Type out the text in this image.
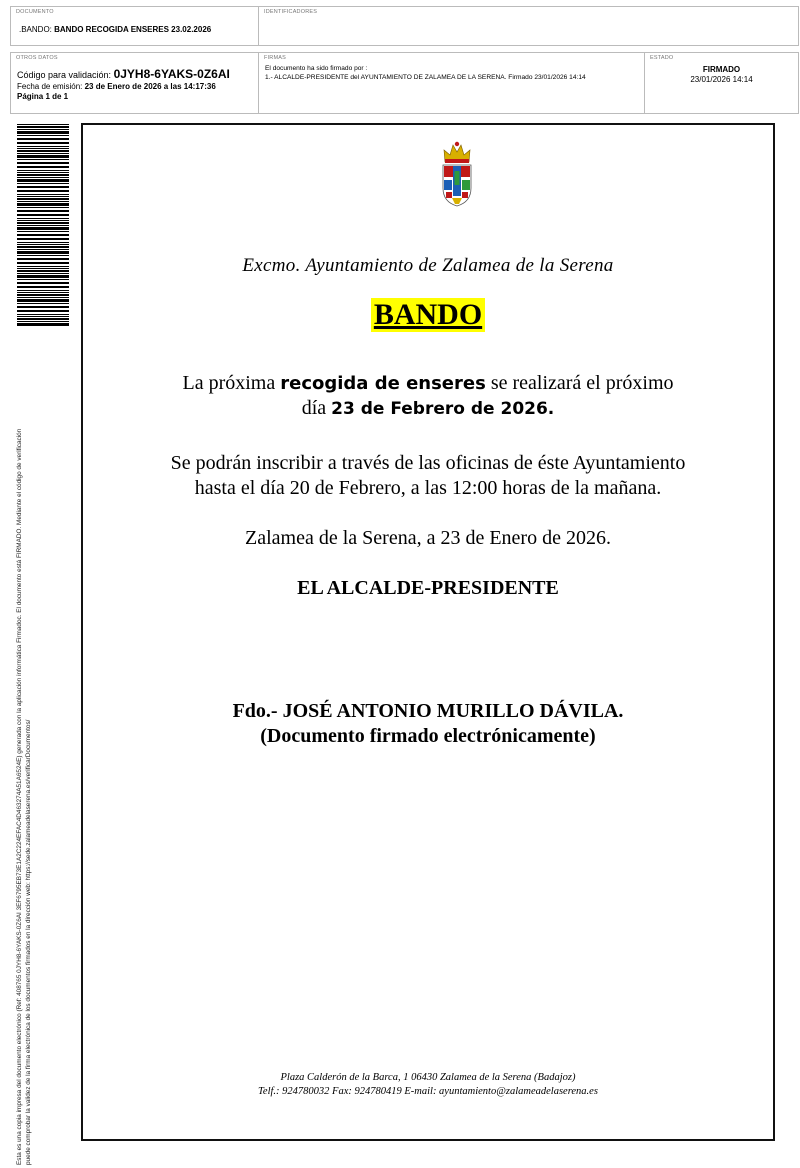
DOCUMENTO
.BANDO: BANDO RECOGIDA ENSERES 23.02.2026
IDENTIFICADORES
OTROS DATOS
Código para validación: 0JYH8-6YAKS-0Z6AI
Fecha de emisión: 23 de Enero de 2026 a las 14:17:36
Página 1 de 1
FIRMAS
El documento ha sido firmado por :
1.- ALCALDE-PRESIDENTE del AYUNTAMIENTO DE ZALAMEA DE LA SERENA. Firmado 23/01/2026 14:14
ESTADO
FIRMADO
23/01/2026 14:14
Esta es una copia impresa del documento electrónico (Ref: 408765 0JYH8-6YAKS-0Z6AI 3EF6795EB73E1A2C224EFAC4D463274A51A6524E) generada con la aplicación informática Firmadoc. El documento está FIRMADO. Mediante el código de verificación puede comprobar la validez de la firma electrónica de los documentos firmados en la dirección web: https://sede.zalameadelaserena.es/verificarDocumentos/
Excmo. Ayuntamiento de Zalamea de la Serena
BANDO
La próxima recogida de enseres se realizará el próximo
día 23 de Febrero de 2026.
Se podrán inscribir a través de las oficinas de éste Ayuntamiento
hasta el día 20 de Febrero, a las 12:00 horas de la mañana.
Zalamea de la Serena, a 23 de Enero de 2026.
EL ALCALDE-PRESIDENTE
Fdo.- JOSÉ ANTONIO MURILLO DÁVILA.
(Documento firmado electrónicamente)
Plaza Calderón de la Barca, 1 06430 Zalamea de la Serena (Badajoz)
Telf.: 924780032 Fax: 924780419 E-mail: ayuntamiento@zalameadelaserena.es
